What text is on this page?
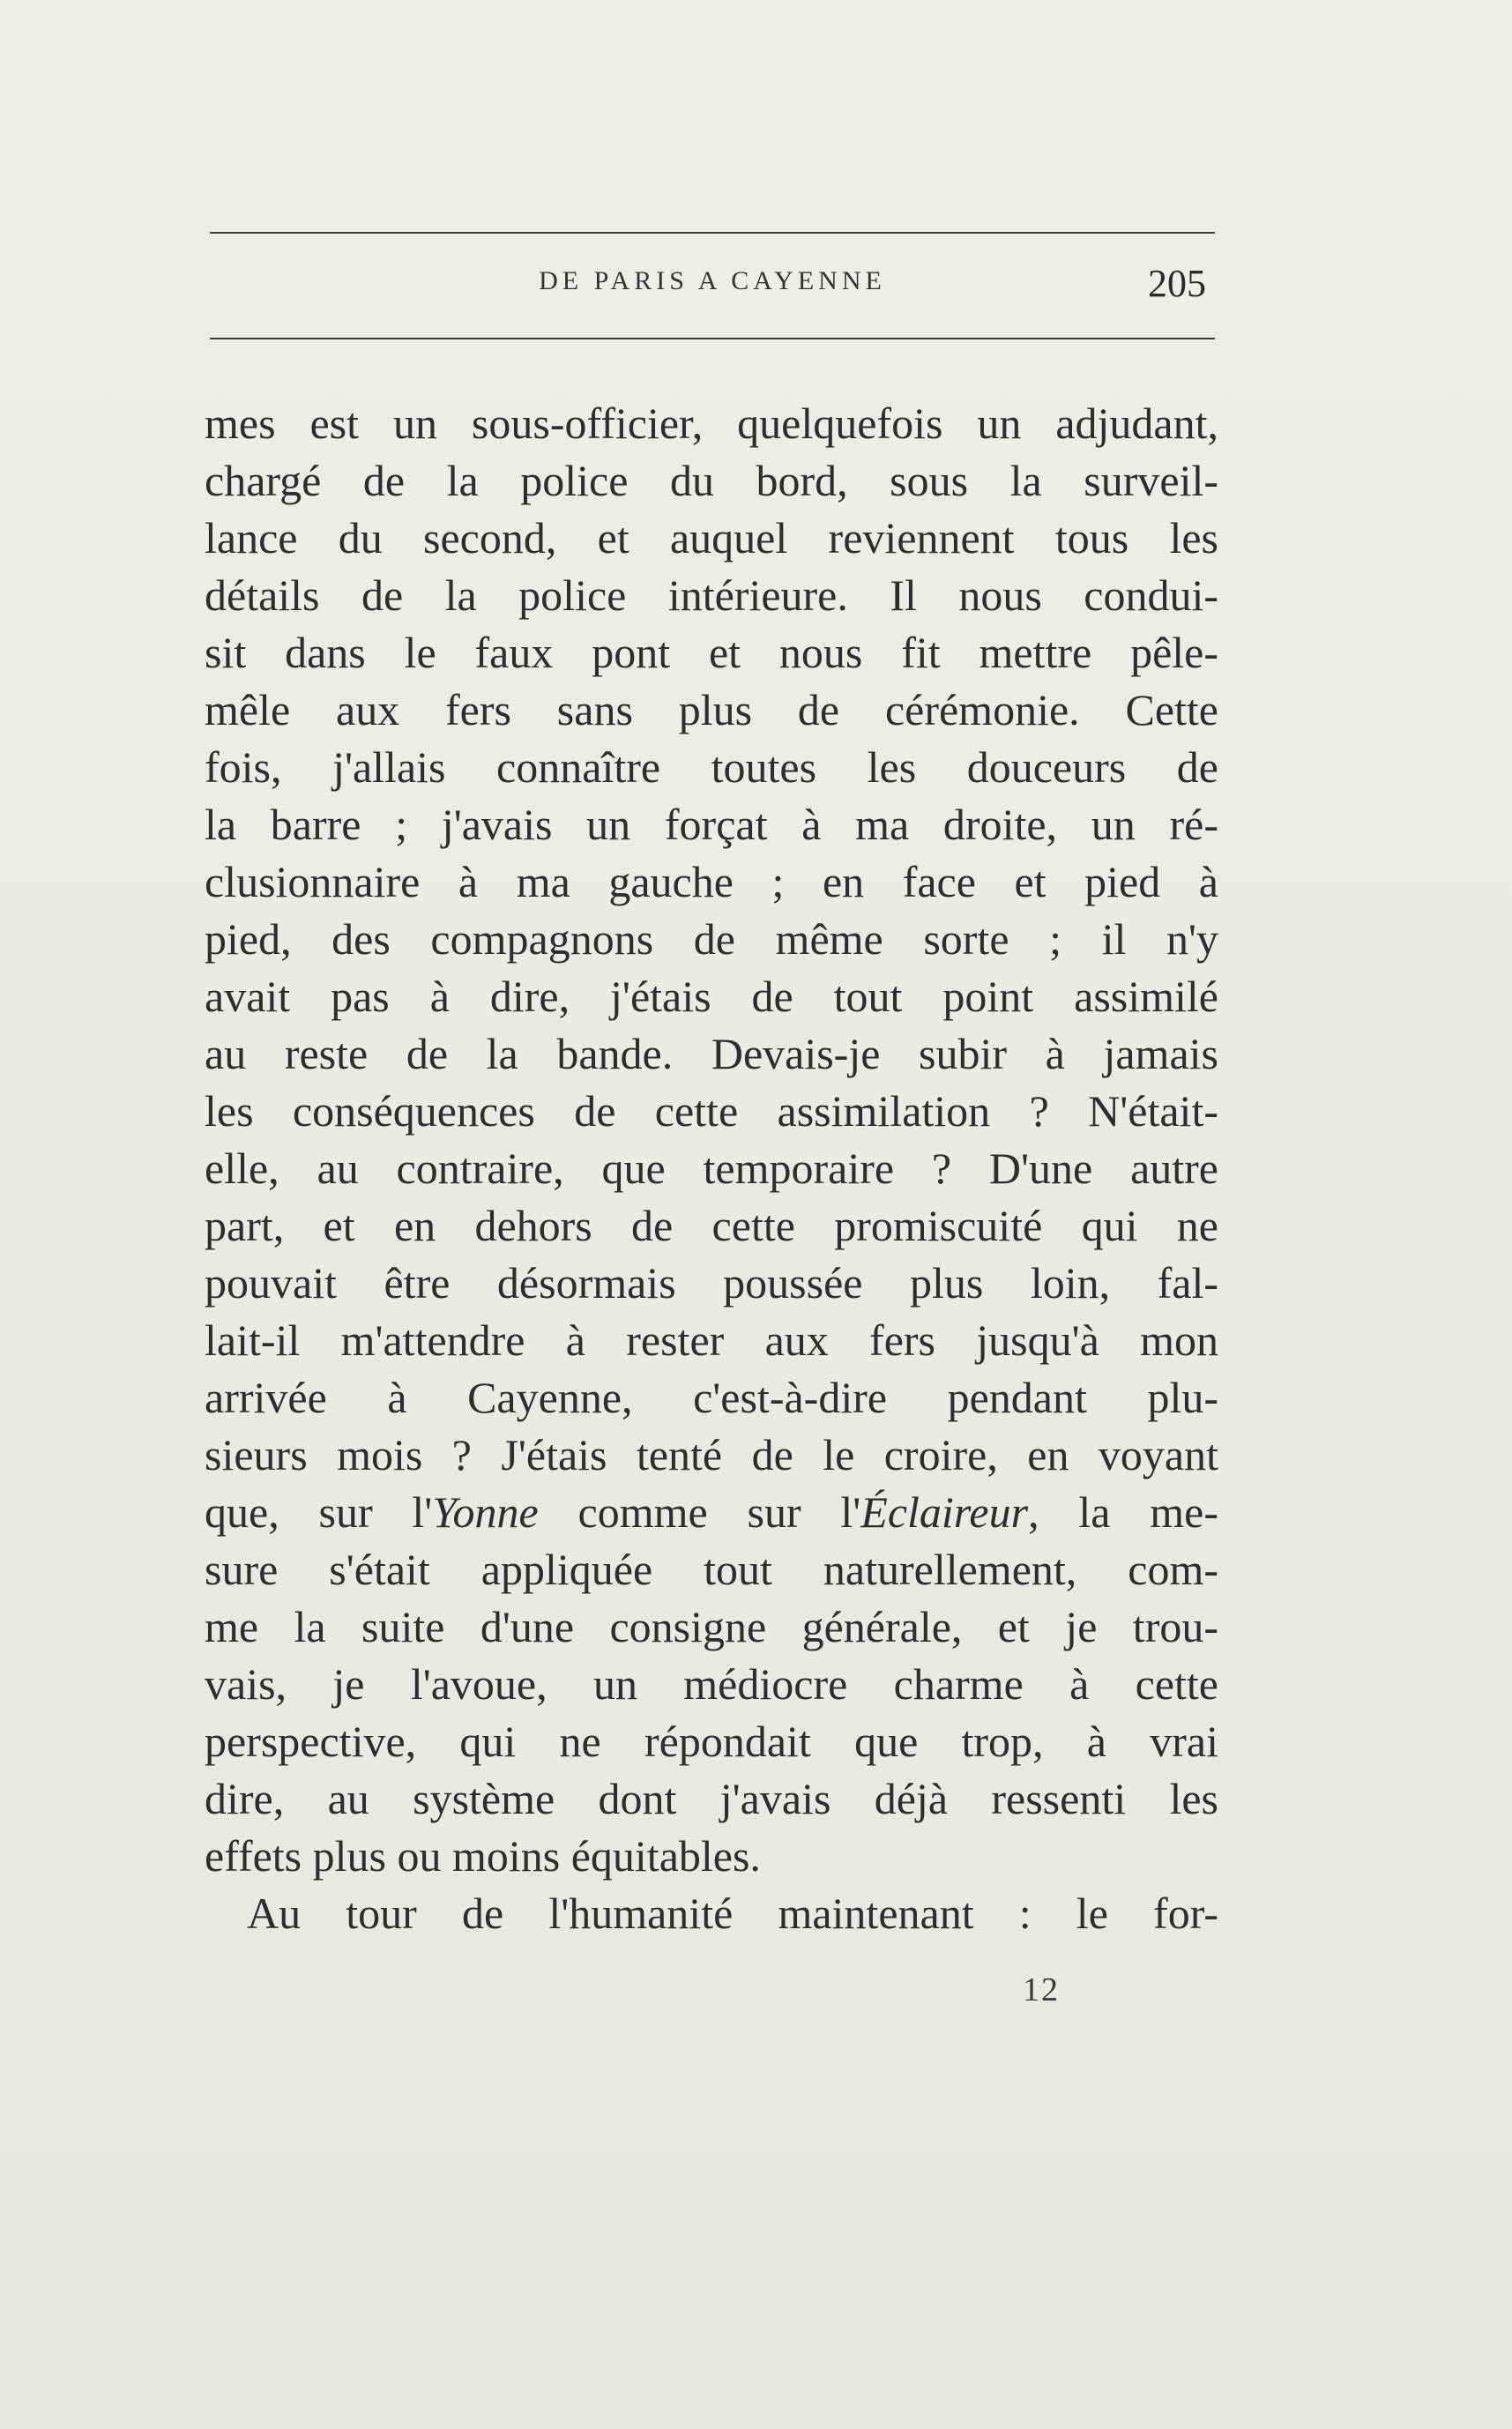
DE PARIS A CAYENNE	205
mes est un sous-officier, quelquefois un adjudant,
chargé de la police du bord, sous la surveil-
lance du second, et auquel reviennent tous les
détails de la police intérieure. Il nous condui-
sit dans le faux pont et nous fit mettre pêle-
mêle aux fers sans plus de cérémonie. Cette
fois, j'allais connaître toutes les douceurs de
la barre ; j'avais un forçat à ma droite, un ré-
clusionnaire à ma gauche ; en face et pied à
pied, des compagnons de même sorte ; il n'y
avait pas à dire, j'étais de tout point assimilé
au reste de la bande. Devais-je subir à jamais
les conséquences de cette assimilation ? N'était-
elle, au contraire, que temporaire ? D'une autre
part, et en dehors de cette promiscuité qui ne
pouvait être désormais poussée plus loin, fal-
lait-il m'attendre à rester aux fers jusqu'à mon
arrivée à Cayenne, c'est-à-dire pendant plu-
sieurs mois ? J'étais tenté de le croire, en voyant
que, sur l'Yonne comme sur l'Éclaireur, la me-
sure s'était appliquée tout naturellement, com-
me la suite d'une consigne générale, et je trou-
vais, je l'avoue, un médiocre charme à cette
perspective, qui ne répondait que trop, à vrai
dire, au système dont j'avais déjà ressenti les
effets plus ou moins équitables.
Au tour de l'humanité maintenant : le for-
12
